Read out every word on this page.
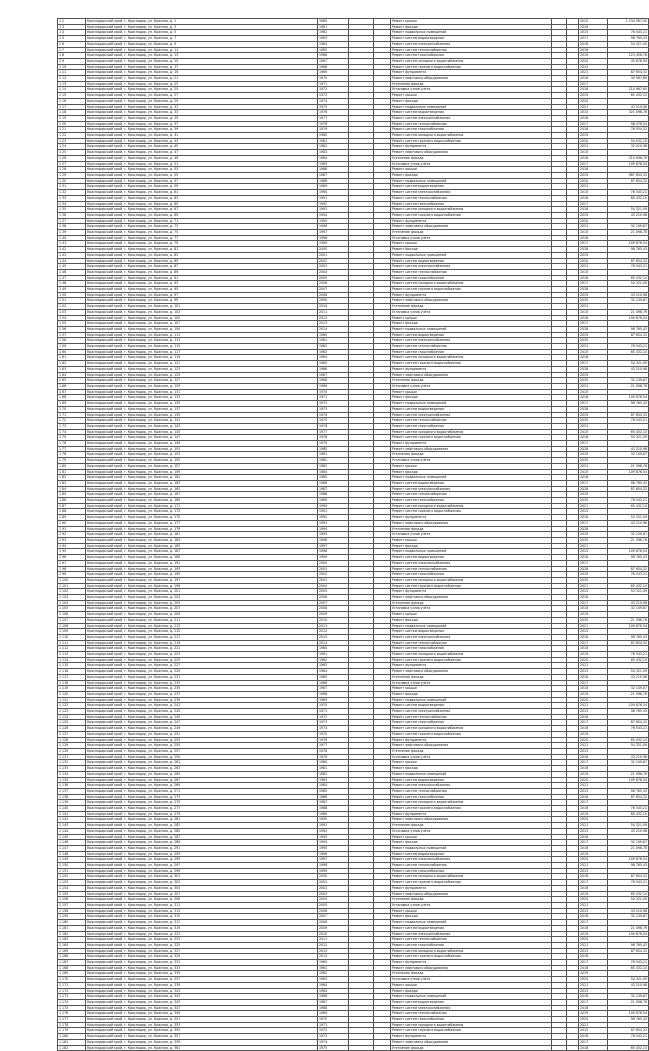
1 2	Краснодарский край, г. Краснодар, ул. Красная, д. 1	1960			Ремонт крыши			2015	1 234 567,00
1 3	Краснодарский край, г. Краснодар, ул. Красная, д. 3	1961			Ремонт фасада			2016	
1 4	Краснодарский край, г. Краснодар, ул. Красная, д. 5	1962			Ремонт подвальных помещений			2015	76 543,21
1 5	Краснодарский край, г. Краснодар, ул. Красная, д. 7	1963			Ремонт систем водоотведения			2017	98 765,43
1 6	Краснодарский край, г. Краснодар, ул. Красная, д. 9	1964			Ремонт систем электроснабжения			2018	54 321,00
1 7	Краснодарский край, г. Краснодар, ул. Красная, д. 11	1965			Ремонт систем теплоснабжения			2016	
1 8	Краснодарский край, г. Краснодар, ул. Красная, д. 13	1966			Ремонт систем газоснабжения			2019	123 456,78
1 9	Краснодарский край, г. Краснодар, ул. Красная, д. 15	1967			Ремонт систем холодного водоснабжения			2020	45 678,90
1 10	Краснодарский край, г. Краснодар, ул. Красная, д. 17	1968			Ремонт систем горячего водоснабжения			2015	
1 11	Краснодарский край, г. Краснодар, ул. Красная, д. 19	1969			Ремонт фундамента			2021	87 654,32
1 12	Краснодарский край, г. Краснодар, ул. Красная, д. 21	1970			Ремонт лифтового оборудования			2016	34 567,89
1 13	Краснодарский край, г. Краснодар, ул. Красная, д. 23	1971			Утепление фасада			2017	
1 14	Краснодарский край, г. Краснодар, ул. Красная, д. 25	1972			Установка узлов учёта			2018	210 987,65
1 15	Краснодарский край, г. Краснодар, ул. Красная, д. 27	1973			Ремонт крыши			2019	65 432,10
1 16	Краснодарский край, г. Краснодар, ул. Красная, д. 29	1974			Ремонт фасада			2020	
1 17	Краснодарский край, г. Краснодар, ул. Красная, д. 31	1975			Ремонт подвальных помещений			2021	43 210,98
1 18	Краснодарский край, г. Краснодар, ул. Красная, д. 33	1976			Ремонт систем водоотведения			2015	321 098,76
1 19	Краснодарский край, г. Краснодар, ул. Красная, д. 35	1977			Ремонт систем электроснабжения			2016	
1 20	Краснодарский край, г. Краснодар, ул. Красная, д. 37	1978			Ремонт систем теплоснабжения			2017	98 076,54
1 21	Краснодарский край, г. Краснодар, ул. Красная, д. 39	1979			Ремонт систем газоснабжения			2018	76 054,32
1 22	Краснодарский край, г. Краснодар, ул. Красная, д. 41	1980			Ремонт систем холодного водоснабжения			2019	
1 23	Краснодарский край, г. Краснодар, ул. Красная, д. 43	1981			Ремонт систем горячего водоснабжения			2020	54 032,10
1 24	Краснодарский край, г. Краснодар, ул. Красная, д. 45	1982			Ремонт фундамента			2021	32 010,98
1 25	Краснодарский край, г. Краснодар, ул. Красная, д. 47	1983			Ремонт лифтового оборудования			2015	
1 26	Краснодарский край, г. Краснодар, ул. Красная, д. 49	1984			Утепление фасада			2016	210 098,76
1 27	Краснодарский край, г. Краснодар, ул. Красная, д. 51	1985			Установка узлов учёта			2017	109 876,54
1 28	Краснодарский край, г. Краснодар, ул. Красная, д. 53	1986			Ремонт крыши			2018	
1 29	Краснодарский край, г. Краснодар, ул. Красная, д. 55	1987			Ремонт фасада			2019	987 654,32
1 30	Краснодарский край, г. Краснодар, ул. Красная, д. 57	1988			Ремонт подвальных помещений			2020	87 654,32
1 31	Краснодарский край, г. Краснодар, ул. Красная, д. 59	1989			Ремонт систем водоотведения			2021	
1 32	Краснодарский край, г. Краснодар, ул. Красная, д. 61	1990			Ремонт систем электроснабжения			2015	76 543,21
1 33	Краснодарский край, г. Краснодар, ул. Красная, д. 63	1991			Ремонт систем теплоснабжения			2016	65 432,10
1 34	Краснодарский край, г. Краснодар, ул. Красная, д. 65	1992			Ремонт систем газоснабжения			2017	
1 35	Краснодарский край, г. Краснодар, ул. Красная, д. 67	1993			Ремонт систем холодного водоснабжения			2018	54 321,09
1 36	Краснодарский край, г. Краснодар, ул. Красная, д. 69	1994			Ремонт систем горячего водоснабжения			2019	43 210,98
1 37	Краснодарский край, г. Краснодар, ул. Красная, д. 71	1995			Ремонт фундамента			2020	
1 38	Краснодарский край, г. Краснодар, ул. Красная, д. 73	1996			Ремонт лифтового оборудования			2021	32 109,87
1 39	Краснодарский край, г. Краснодар, ул. Красная, д. 75	1997			Утепление фасада			2015	21 098,76
1 40	Краснодарский край, г. Краснодар, ул. Красная, д. 77	1998			Установка узлов учёта			2016	
1 41	Краснодарский край, г. Краснодар, ул. Красная, д. 79	1999			Ремонт крыши			2017	109 876,54
1 42	Краснодарский край, г. Краснодар, ул. Красная, д. 81	2000			Ремонт фасада			2018	98 765,43
1 43	Краснодарский край, г. Краснодар, ул. Красная, д. 83	2001			Ремонт подвальных помещений			2019	
1 44	Краснодарский край, г. Краснодар, ул. Красная, д. 85	2002			Ремонт систем водоотведения			2020	87 654,32
1 45	Краснодарский край, г. Краснодар, ул. Красная, д. 87	2003			Ремонт систем электроснабжения			2021	76 543,21
1 46	Краснодарский край, г. Краснодар, ул. Красная, д. 89	2004			Ремонт систем теплоснабжения			2015	
1 47	Краснодарский край, г. Краснодар, ул. Красная, д. 91	2005			Ремонт систем газоснабжения			2016	65 432,10
1 48	Краснодарский край, г. Краснодар, ул. Красная, д. 93	2006			Ремонт систем холодного водоснабжения			2017	54 321,09
1 49	Краснодарский край, г. Краснодар, ул. Красная, д. 95	2007			Ремонт систем горячего водоснабжения			2018	
1 50	Краснодарский край, г. Краснодар, ул. Красная, д. 97	2008			Ремонт фундамента			2019	43 210,98
1 51	Краснодарский край, г. Краснодар, ул. Красная, д. 99	2009			Ремонт лифтового оборудования			2020	32 109,87
1 52	Краснодарский край, г. Краснодар, ул. Красная, д. 101	2010			Утепление фасада			2021	
1 53	Краснодарский край, г. Краснодар, ул. Красная, д. 103	2011			Установка узлов учёта			2015	21 098,76
1 54	Краснодарский край, г. Краснодар, ул. Красная, д. 105	2012			Ремонт крыши			2016	109 876,54
1 55	Краснодарский край, г. Краснодар, ул. Красная, д. 107	2013			Ремонт фасада			2017	
1 56	Краснодарский край, г. Краснодар, ул. Красная, д. 109	2014			Ремонт подвальных помещений			2018	98 765,43
1 57	Краснодарский край, г. Краснодар, ул. Красная, д. 111	1960			Ремонт систем водоотведения			2019	87 654,32
1 58	Краснодарский край, г. Краснодар, ул. Красная, д. 113	1961			Ремонт систем электроснабжения			2020	
1 59	Краснодарский край, г. Краснодар, ул. Красная, д. 115	1962			Ремонт систем теплоснабжения			2021	76 543,21
1 60	Краснодарский край, г. Краснодар, ул. Красная, д. 117	1963			Ремонт систем газоснабжения			2015	65 432,10
1 61	Краснодарский край, г. Краснодар, ул. Красная, д. 119	1964			Ремонт систем холодного водоснабжения			2016	
1 62	Краснодарский край, г. Краснодар, ул. Красная, д. 121	1965			Ремонт систем горячего водоснабжения			2017	54 321,09
1 63	Краснодарский край, г. Краснодар, ул. Красная, д. 123	1966			Ремонт фундамента			2018	43 210,98
1 64	Краснодарский край, г. Краснодар, ул. Красная, д. 125	1967			Ремонт лифтового оборудования			2019	
1 65	Краснодарский край, г. Краснодар, ул. Красная, д. 127	1968			Утепление фасада			2020	32 109,87
1 66	Краснодарский край, г. Краснодар, ул. Красная, д. 129	1969			Установка узлов учёта			2021	21 098,76
1 67	Краснодарский край, г. Краснодар, ул. Красная, д. 131	1970			Ремонт крыши			2015	
1 68	Краснодарский край, г. Краснодар, ул. Красная, д. 133	1971			Ремонт фасада			2016	109 876,54
1 69	Краснодарский край, г. Краснодар, ул. Красная, д. 135	1972			Ремонт подвальных помещений			2017	98 765,43
1 70	Краснодарский край, г. Краснодар, ул. Красная, д. 137	1973			Ремонт систем водоотведения			2018	
1 71	Краснодарский край, г. Краснодар, ул. Красная, д. 139	1974			Ремонт систем электроснабжения			2019	87 654,32
1 72	Краснодарский край, г. Краснодар, ул. Красная, д. 141	1975			Ремонт систем теплоснабжения			2020	76 543,21
1 73	Краснодарский край, г. Краснодар, ул. Красная, д. 143	1976			Ремонт систем газоснабжения			2021	
1 74	Краснодарский край, г. Краснодар, ул. Красная, д. 145	1977			Ремонт систем холодного водоснабжения			2015	65 432,10
1 75	Краснодарский край, г. Краснодар, ул. Красная, д. 147	1978			Ремонт систем горячего водоснабжения			2016	54 321,09
1 76	Краснодарский край, г. Краснодар, ул. Красная, д. 149	1979			Ремонт фундамента			2017	
1 77	Краснодарский край, г. Краснодар, ул. Красная, д. 151	1980			Ремонт лифтового оборудования			2018	43 210,98
1 78	Краснодарский край, г. Краснодар, ул. Красная, д. 153	1981			Утепление фасада			2019	32 109,87
1 79	Краснодарский край, г. Краснодар, ул. Красная, д. 155	1982			Установка узлов учёта			2020	
1 80	Краснодарский край, г. Краснодар, ул. Красная, д. 157	1983			Ремонт крыши			2021	21 098,76
1 81	Краснодарский край, г. Краснодар, ул. Красная, д. 159	1984			Ремонт фасада			2015	109 876,54
1 82	Краснодарский край, г. Краснодар, ул. Красная, д. 161	1985			Ремонт подвальных помещений			2016	
1 83	Краснодарский край, г. Краснодар, ул. Красная, д. 163	1986			Ремонт систем водоотведения			2017	98 765,43
1 84	Краснодарский край, г. Краснодар, ул. Красная, д. 165	1987			Ремонт систем электроснабжения			2018	87 654,32
1 85	Краснодарский край, г. Краснодар, ул. Красная, д. 167	1988			Ремонт систем теплоснабжения			2019	
1 86	Краснодарский край, г. Краснодар, ул. Красная, д. 169	1989			Ремонт систем газоснабжения			2020	76 543,21
1 87	Краснодарский край, г. Краснодар, ул. Красная, д. 171	1990			Ремонт систем холодного водоснабжения			2021	65 432,10
1 88	Краснодарский край, г. Краснодар, ул. Красная, д. 173	1991			Ремонт систем горячего водоснабжения			2015	
1 89	Краснодарский край, г. Краснодар, ул. Красная, д. 175	1992			Ремонт фундамента			2016	54 321,09
1 90	Краснодарский край, г. Краснодар, ул. Красная, д. 177	1993			Ремонт лифтового оборудования			2017	43 210,98
1 91	Краснодарский край, г. Краснодар, ул. Красная, д. 179	1994			Утепление фасада			2018	
1 92	Краснодарский край, г. Краснодар, ул. Красная, д. 181	1995			Установка узлов учёта			2019	32 109,87
1 93	Краснодарский край, г. Краснодар, ул. Красная, д. 183	1996			Ремонт крыши			2020	21 098,76
1 94	Краснодарский край, г. Краснодар, ул. Красная, д. 185	1997			Ремонт фасада			2021	
1 95	Краснодарский край, г. Краснодар, ул. Красная, д. 187	1998			Ремонт подвальных помещений			2015	109 876,54
1 96	Краснодарский край, г. Краснодар, ул. Красная, д. 189	1999			Ремонт систем водоотведения			2016	98 765,43
1 97	Краснодарский край, г. Краснодар, ул. Красная, д. 191	2000			Ремонт систем электроснабжения			2017	
1 98	Краснодарский край, г. Краснодар, ул. Красная, д. 193	2001			Ремонт систем теплоснабжения			2018	87 654,32
1 99	Краснодарский край, г. Краснодар, ул. Красная, д. 195	2002			Ремонт систем газоснабжения			2019	76 543,21
1 100	Краснодарский край, г. Краснодар, ул. Красная, д. 197	2003			Ремонт систем холодного водоснабжения			2020	
1 101	Краснодарский край, г. Краснодар, ул. Красная, д. 199	2004			Ремонт систем горячего водоснабжения			2021	65 432,10
1 102	Краснодарский край, г. Краснодар, ул. Красная, д. 201	2005			Ремонт фундамента			2015	54 321,09
1 103	Краснодарский край, г. Краснодар, ул. Красная, д. 203	2006			Ремонт лифтового оборудования			2016	
1 104	Краснодарский край, г. Краснодар, ул. Красная, д. 205	2007			Утепление фасада			2017	43 210,98
1 105	Краснодарский край, г. Краснодар, ул. Красная, д. 207	2008			Установка узлов учёта			2018	32 109,87
1 106	Краснодарский край, г. Краснодар, ул. Красная, д. 209	2009			Ремонт крыши			2019	
1 107	Краснодарский край, г. Краснодар, ул. Красная, д. 211	2010			Ремонт фасада			2020	21 098,76
1 108	Краснодарский край, г. Краснодар, ул. Красная, д. 213	2011			Ремонт подвальных помещений			2021	109 876,54
1 109	Краснодарский край, г. Краснодар, ул. Красная, д. 215	2012			Ремонт систем водоотведения			2015	
1 110	Краснодарский край, г. Краснодар, ул. Красная, д. 217	2013			Ремонт систем электроснабжения			2016	98 765,43
1 111	Краснодарский край, г. Краснодар, ул. Красная, д. 219	2014			Ремонт систем теплоснабжения			2017	87 654,32
1 112	Краснодарский край, г. Краснодар, ул. Красная, д. 221	1960			Ремонт систем газоснабжения			2018	
1 113	Краснодарский край, г. Краснодар, ул. Красная, д. 223	1961			Ремонт систем холодного водоснабжения			2019	76 543,21
1 114	Краснодарский край, г. Краснодар, ул. Красная, д. 225	1962			Ремонт систем горячего водоснабжения			2020	65 432,10
1 115	Краснодарский край, г. Краснодар, ул. Красная, д. 227	1963			Ремонт фундамента			2021	
1 116	Краснодарский край, г. Краснодар, ул. Красная, д. 229	1964			Ремонт лифтового оборудования			2015	54 321,09
1 117	Краснодарский край, г. Краснодар, ул. Красная, д. 231	1965			Утепление фасада			2016	43 210,98
1 118	Краснодарский край, г. Краснодар, ул. Красная, д. 233	1966			Установка узлов учёта			2017	
1 119	Краснодарский край, г. Краснодар, ул. Красная, д. 235	1967			Ремонт крыши			2018	32 109,87
1 120	Краснодарский край, г. Краснодар, ул. Красная, д. 237	1968			Ремонт фасада			2019	21 098,76
1 121	Краснодарский край, г. Краснодар, ул. Красная, д. 239	1969			Ремонт подвальных помещений			2020	
1 122	Краснодарский край, г. Краснодар, ул. Красная, д. 241	1970			Ремонт систем водоотведения			2021	109 876,54
1 123	Краснодарский край, г. Краснодар, ул. Красная, д. 243	1971			Ремонт систем электроснабжения			2015	98 765,43
1 124	Краснодарский край, г. Краснодар, ул. Красная, д. 245	1972			Ремонт систем теплоснабжения			2016	
1 125	Краснодарский край, г. Краснодар, ул. Красная, д. 247	1973			Ремонт систем газоснабжения			2017	87 654,32
1 126	Краснодарский край, г. Краснодар, ул. Красная, д. 249	1974			Ремонт систем холодного водоснабжения			2018	76 543,21
1 127	Краснодарский край, г. Краснодар, ул. Красная, д. 251	1975			Ремонт систем горячего водоснабжения			2019	
1 128	Краснодарский край, г. Краснодар, ул. Красная, д. 253	1976			Ремонт фундамента			2020	65 432,10
1 129	Краснодарский край, г. Краснодар, ул. Красная, д. 255	1977			Ремонт лифтового оборудования			2021	54 321,09
1 130	Краснодарский край, г. Краснодар, ул. Красная, д. 257	1978			Утепление фасада			2015	
1 131	Краснодарский край, г. Краснодар, ул. Красная, д. 259	1979			Установка узлов учёта			2016	43 210,98
1 132	Краснодарский край, г. Краснодар, ул. Красная, д. 261	1980			Ремонт крыши			2017	32 109,87
1 133	Краснодарский край, г. Краснодар, ул. Красная, д. 263	1981			Ремонт фасада			2018	
1 134	Краснодарский край, г. Краснодар, ул. Красная, д. 265	1982			Ремонт подвальных помещений			2019	21 098,76
1 135	Краснодарский край, г. Краснодар, ул. Красная, д. 267	1983			Ремонт систем водоотведения			2020	109 876,54
1 136	Краснодарский край, г. Краснодар, ул. Красная, д. 269	1984			Ремонт систем электроснабжения			2021	
1 137	Краснодарский край, г. Краснодар, ул. Красная, д. 271	1985			Ремонт систем теплоснабжения			2015	98 765,43
1 138	Краснодарский край, г. Краснодар, ул. Красная, д. 273	1986			Ремонт систем газоснабжения			2016	87 654,32
1 139	Краснодарский край, г. Краснодар, ул. Красная, д. 275	1987			Ремонт систем холодного водоснабжения			2017	
1 140	Краснодарский край, г. Краснодар, ул. Красная, д. 277	1988			Ремонт систем горячего водоснабжения			2018	76 543,21
1 141	Краснодарский край, г. Краснодар, ул. Красная, д. 279	1989			Ремонт фундамента			2019	65 432,10
1 142	Краснодарский край, г. Краснодар, ул. Красная, д. 281	1990			Ремонт лифтового оборудования			2020	
1 143	Краснодарский край, г. Краснодар, ул. Красная, д. 283	1991			Утепление фасада			2021	54 321,09
1 144	Краснодарский край, г. Краснодар, ул. Красная, д. 285	1992			Установка узлов учёта			2015	43 210,98
1 145	Краснодарский край, г. Краснодар, ул. Красная, д. 287	1993			Ремонт крыши			2016	
1 146	Краснодарский край, г. Краснодар, ул. Красная, д. 289	1994			Ремонт фасада			2017	32 109,87
1 147	Краснодарский край, г. Краснодар, ул. Красная, д. 291	1995			Ремонт подвальных помещений			2018	21 098,76
1 148	Краснодарский край, г. Краснодар, ул. Красная, д. 293	1996			Ремонт систем водоотведения			2019	
1 149	Краснодарский край, г. Краснодар, ул. Красная, д. 295	1997			Ремонт систем электроснабжения			2020	109 876,54
1 150	Краснодарский край, г. Краснодар, ул. Красная, д. 297	1998			Ремонт систем теплоснабжения			2021	98 765,43
1 151	Краснодарский край, г. Краснодар, ул. Красная, д. 299	1999			Ремонт систем газоснабжения			2015	
1 152	Краснодарский край, г. Краснодар, ул. Красная, д. 301	2000			Ремонт систем холодного водоснабжения			2016	87 654,32
1 153	Краснодарский край, г. Краснодар, ул. Красная, д. 303	2001			Ремонт систем горячего водоснабжения			2017	76 543,21
1 154	Краснодарский край, г. Краснодар, ул. Красная, д. 305	2002			Ремонт фундамента			2018	
1 155	Краснодарский край, г. Краснодар, ул. Красная, д. 307	2003			Ремонт лифтового оборудования			2019	65 432,10
1 156	Краснодарский край, г. Краснодар, ул. Красная, д. 309	2004			Утепление фасада			2020	54 321,09
1 157	Краснодарский край, г. Краснодар, ул. Красная, д. 311	2005			Установка узлов учёта			2021	
1 158	Краснодарский край, г. Краснодар, ул. Красная, д. 313	2006			Ремонт крыши			2015	43 210,98
1 159	Краснодарский край, г. Краснодар, ул. Красная, д. 315	2007			Ремонт фасада			2016	32 109,87
1 160	Краснодарский край, г. Краснодар, ул. Красная, д. 317	2008			Ремонт подвальных помещений			2017	
1 161	Краснодарский край, г. Краснодар, ул. Красная, д. 319	2009			Ремонт систем водоотведения			2018	21 098,76
1 162	Краснодарский край, г. Краснодар, ул. Красная, д. 321	2010			Ремонт систем электроснабжения			2019	109 876,54
1 163	Краснодарский край, г. Краснодар, ул. Красная, д. 323	2011			Ремонт систем теплоснабжения			2020	
1 164	Краснодарский край, г. Краснодар, ул. Красная, д. 325	2012			Ремонт систем газоснабжения			2021	98 765,43
1 165	Краснодарский край, г. Краснодар, ул. Красная, д. 327	2013			Ремонт систем холодного водоснабжения			2015	87 654,32
1 166	Краснодарский край, г. Краснодар, ул. Красная, д. 329	2014			Ремонт систем горячего водоснабжения			2016	
1 167	Краснодарский край, г. Краснодар, ул. Красная, д. 331	1960			Ремонт фундамента			2017	76 543,21
1 168	Краснодарский край, г. Краснодар, ул. Красная, д. 333	1961			Ремонт лифтового оборудования			2018	65 432,10
1 169	Краснодарский край, г. Краснодар, ул. Красная, д. 335	1962			Утепление фасада			2019	
1 170	Краснодарский край, г. Краснодар, ул. Красная, д. 337	1963			Установка узлов учёта			2020	54 321,09
1 171	Краснодарский край, г. Краснодар, ул. Красная, д. 339	1964			Ремонт крыши			2021	43 210,98
1 172	Краснодарский край, г. Краснодар, ул. Красная, д. 341	1965			Ремонт фасада			2015	
1 173	Краснодарский край, г. Краснодар, ул. Красная, д. 343	1966			Ремонт подвальных помещений			2016	32 109,87
1 174	Краснодарский край, г. Краснодар, ул. Красная, д. 345	1967			Ремонт систем водоотведения			2017	21 098,76
1 175	Краснодарский край, г. Краснодар, ул. Красная, д. 347	1968			Ремонт систем электроснабжения			2018	
1 176	Краснодарский край, г. Краснодар, ул. Красная, д. 349	1969			Ремонт систем теплоснабжения			2019	109 876,54
1 177	Краснодарский край, г. Краснодар, ул. Красная, д. 351	1970			Ремонт систем газоснабжения			2020	98 765,43
1 178	Краснодарский край, г. Краснодар, ул. Красная, д. 353	1971			Ремонт систем холодного водоснабжения			2021	
1 179	Краснодарский край, г. Краснодар, ул. Красная, д. 355	1972			Ремонт систем горячего водоснабжения			2015	87 654,32
1 180	Краснодарский край, г. Краснодар, ул. Красная, д. 357	1973			Ремонт фундамента			2016	76 543,21
1 181	Краснодарский край, г. Краснодар, ул. Красная, д. 359	1974			Ремонт лифтового оборудования			2017	
1 182	Краснодарский край, г. Краснодар, ул. Красная, д. 361	1975			Утепление фасада			2018	65 432,10
